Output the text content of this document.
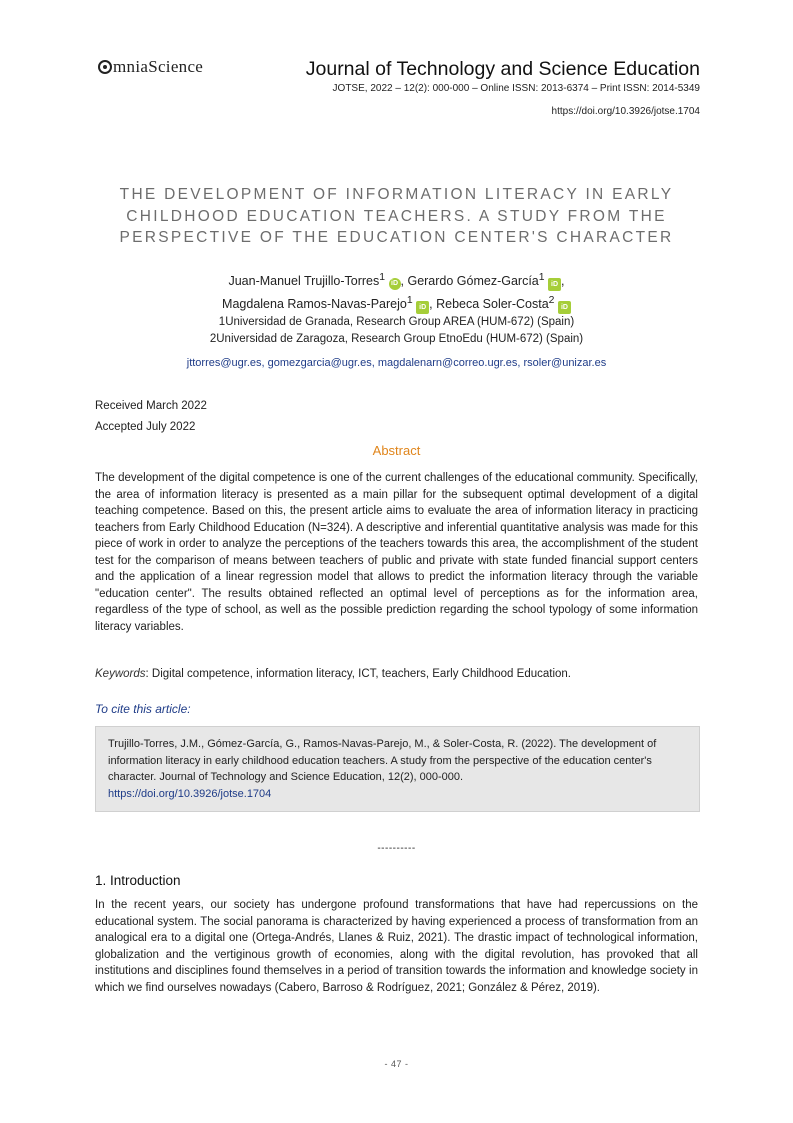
mniaScience	Journal of Technology and Science Education
JOTSE, 2022 – 12(2): 000-000 – Online ISSN: 2013-6374 – Print ISSN: 2014-5349
https://doi.org/10.3926/jotse.1704
THE DEVELOPMENT OF INFORMATION LITERACY IN EARLY
CHILDHOOD EDUCATION TEACHERS. A STUDY FROM THE
PERSPECTIVE OF THE EDUCATION CENTER'S CHARACTER
Juan-Manuel Trujillo-Torres$^1$ iD , Gerardo Gómez-García$^1$ iD ,
Magdalena Ramos-Navas-Parejo$^1$ iD , Rebeca Soler-Costa$^2$ iD
1Universidad de Granada, Research Group AREA (HUM-672) (Spain)
2Universidad de Zaragoza, Research Group EtnoEdu (HUM-672) (Spain)
jttorres@ugr.es, gomezgarcia@ugr.es, magdalenarn@correo.ugr.es, rsoler@unizar.es
Received March 2022
Accepted July 2022
Abstract
The development of the digital competence is one of the current challenges of the educational community. Specifically, the area of information literacy is presented as a main pillar for the subsequent optimal development of a digital teaching competence. Based on this, the present article aims to evaluate the area of information literacy in practicing teachers from Early Childhood Education (N=324). A descriptive and inferential quantitative analysis was made for this piece of work in order to analyze the perceptions of the teachers towards this area, the accomplishment of the student test for the comparison of means between teachers of public and private with state funded financial support centers and the application of a linear regression model that allows to predict the information literacy through the variable "education center". The results obtained reflected an optimal level of perceptions as for the information area, regardless of the type of school, as well as the possible prediction regarding the school typology of some information literacy variables.
Keywords: Digital competence, information literacy, ICT, teachers, Early Childhood Education.
To cite this article:
Trujillo-Torres, J.M., Gómez-García, G., Ramos-Navas-Parejo, M., & Soler-Costa, R. (2022). The development of information literacy in early childhood education teachers. A study from the perspective of the education center's character. Journal of Technology and Science Education, 12(2), 000-000.
https://doi.org/10.3926/jotse.1704
----------
1. Introduction
In the recent years, our society has undergone profound transformations that have had repercussions on the educational system. The social panorama is characterized by having experienced a process of transformation from an analogical era to a digital one (Ortega-Andrés, Llanes & Ruiz, 2021). The drastic impact of technological information, globalization and the vertiginous growth of economies, along with the digital revolution, has provoked that all institutions and disciplines found themselves in a period of transition towards the information and knowledge society in which we find ourselves nowadays (Cabero, Barroso & Rodríguez, 2021; González & Pérez, 2019).
- 47 -
